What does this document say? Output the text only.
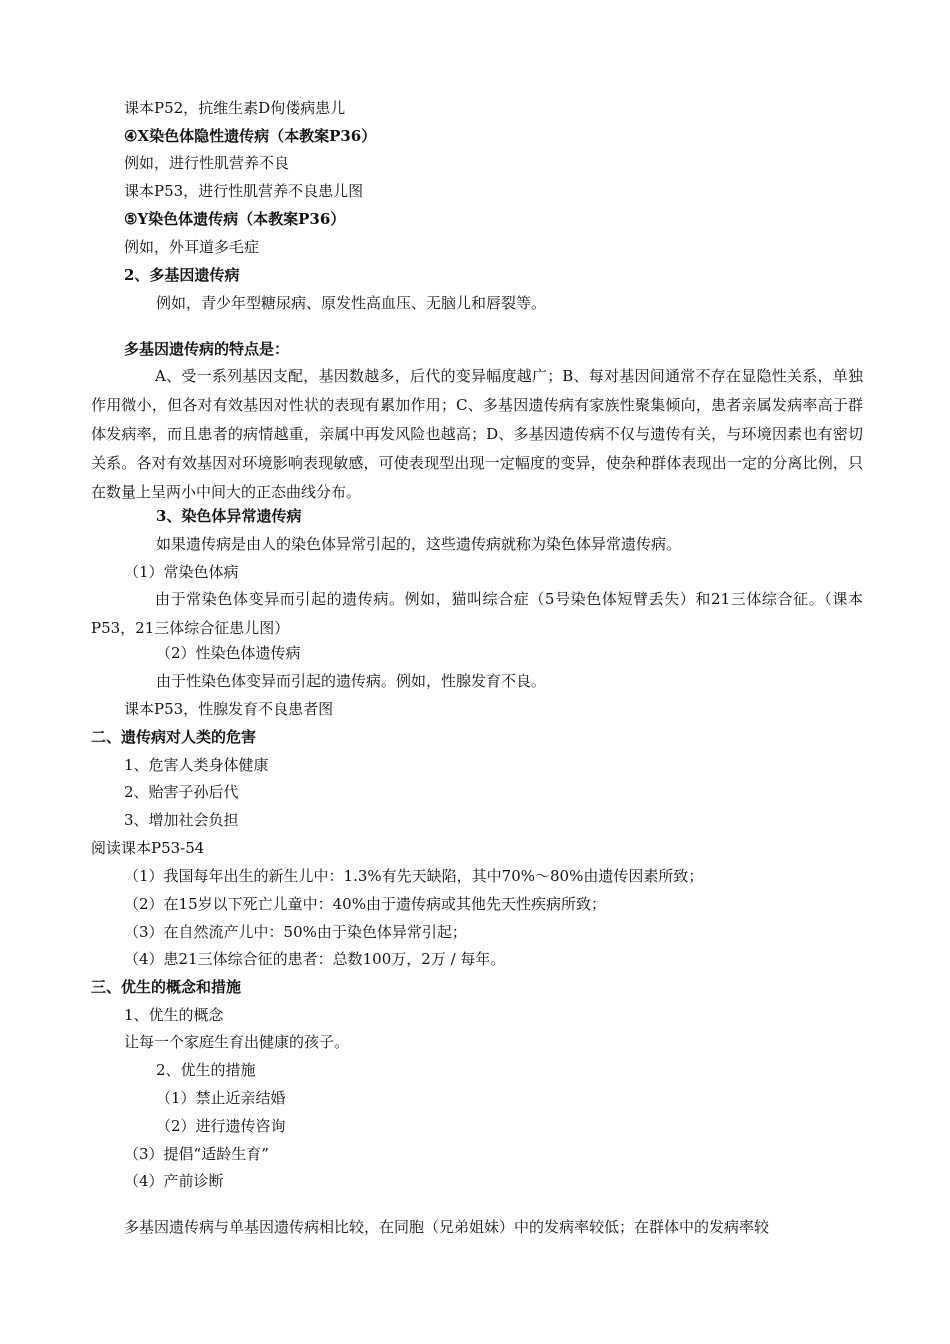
课本P52，抗维生素D佝偻病患儿
④X染色体隐性遗传病（本教案P36）
例如，进行性肌营养不良
课本P53，进行性肌营养不良患儿图
⑤Y染色体遗传病（本教案P36）
例如，外耳道多毛症
2、多基因遗传病
例如，青少年型糖尿病、原发性高血压、无脑儿和唇裂等。
多基因遗传病的特点是：
A、受一系列基因支配，基因数越多，后代的变异幅度越广；B、每对基因间通常不存在显隐性关系，单独作用微小，但各对有效基因对性状的表现有累加作用；C、多基因遗传病有家族性聚集倾向，患者亲属发病率高于群体发病率，而且患者的病情越重，亲属中再发风险也越高；D、多基因遗传病不仅与遗传有关，与环境因素也有密切关系。各对有效基因对环境影响表现敏感，可使表现型出现一定幅度的变异，使杂种群体表现出一定的分离比例，只在数量上呈两小中间大的正态曲线分布。
3、染色体异常遗传病
如果遗传病是由人的染色体异常引起的，这些遗传病就称为染色体异常遗传病。
（1）常染色体病
由于常染色体变异而引起的遗传病。例如，猫叫综合症（5号染色体短臂丢失）和21三体综合征。（课本P53，21三体综合征患儿图）
（2）性染色体遗传病
由于性染色体变异而引起的遗传病。例如，性腺发育不良。
课本P53，性腺发育不良患者图
二、遗传病对人类的危害
1、危害人类身体健康
2、贻害子孙后代
3、增加社会负担
阅读课本P53-54
（1）我国每年出生的新生儿中：1.3%有先天缺陷，其中70%～80%由遗传因素所致；
（2）在15岁以下死亡儿童中：40%由于遗传病或其他先天性疾病所致；
（3）在自然流产儿中：50%由于染色体异常引起；
（4）患21三体综合征的患者：总数100万，2万 / 每年。
三、优生的概念和措施
1、优生的概念
让每一个家庭生育出健康的孩子。
2、优生的措施
（1）禁止近亲结婚
（2）进行遗传咨询
（3）提倡“适龄生育”
（4）产前诊断
多基因遗传病与单基因遗传病相比较，在同胞（兄弟姐妹）中的发病率较低；在群体中的发病率较
